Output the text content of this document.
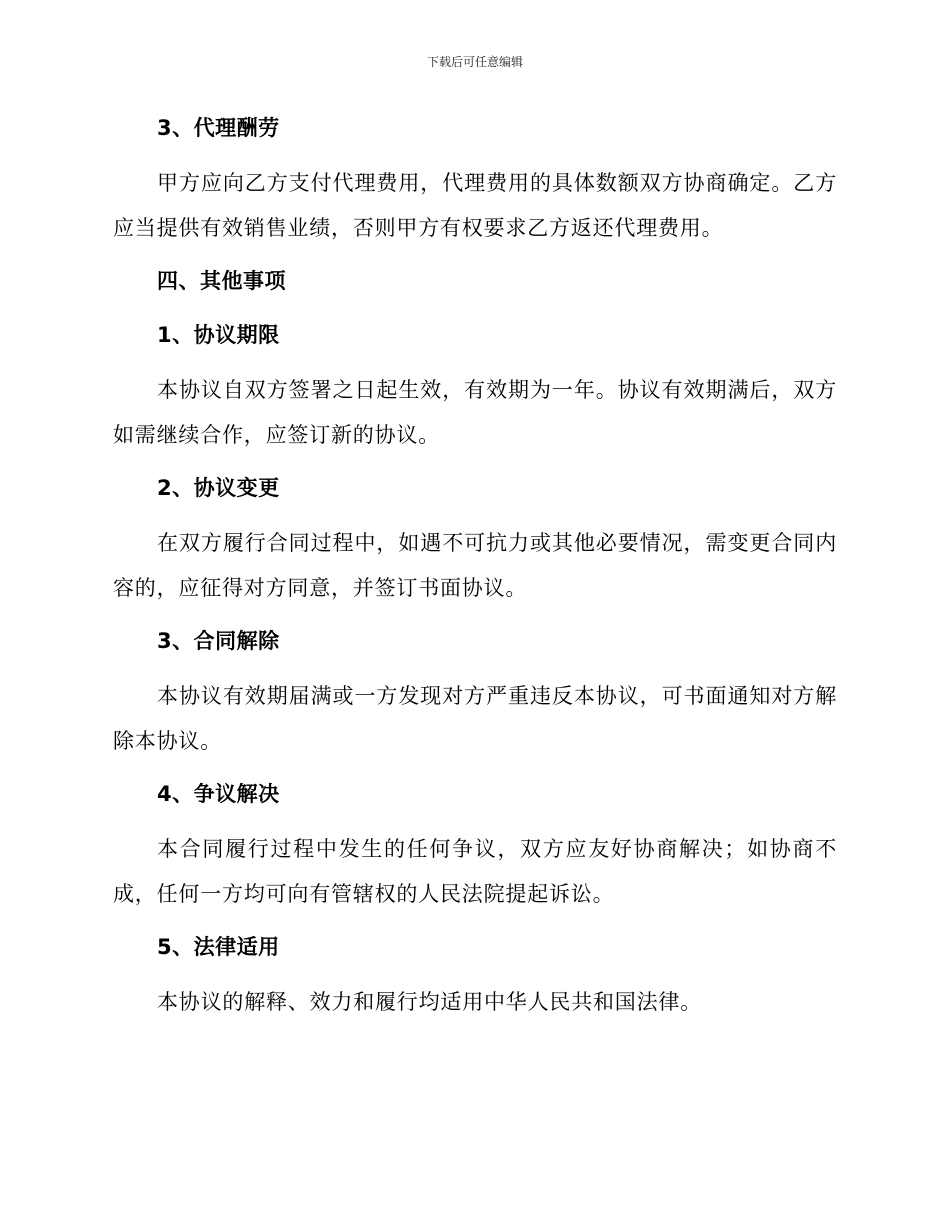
下载后可任意编辑
3、代理酬劳

甲方应向乙方支付代理费用，代理费用的具体数额双方协商确定。乙方应当提供有效销售业绩，否则甲方有权要求乙方返还代理费用。

四、其他事项
1、协议期限

本协议自双方签署之日起生效，有效期为一年。协议有效期满后，双方如需继续合作，应签订新的协议。

2、协议变更

在双方履行合同过程中，如遇不可抗力或其他必要情况，需变更合同内容的，应征得对方同意，并签订书面协议。

3、合同解除

本协议有效期届满或一方发现对方严重违反本协议，可书面通知对方解除本协议。

4、争议解决

本合同履行过程中发生的任何争议，双方应友好协商解决；如协商不成，任何一方均可向有管辖权的人民法院提起诉讼。

5、法律适用

本协议的解释、效力和履行均适用中华人民共和国法律。
